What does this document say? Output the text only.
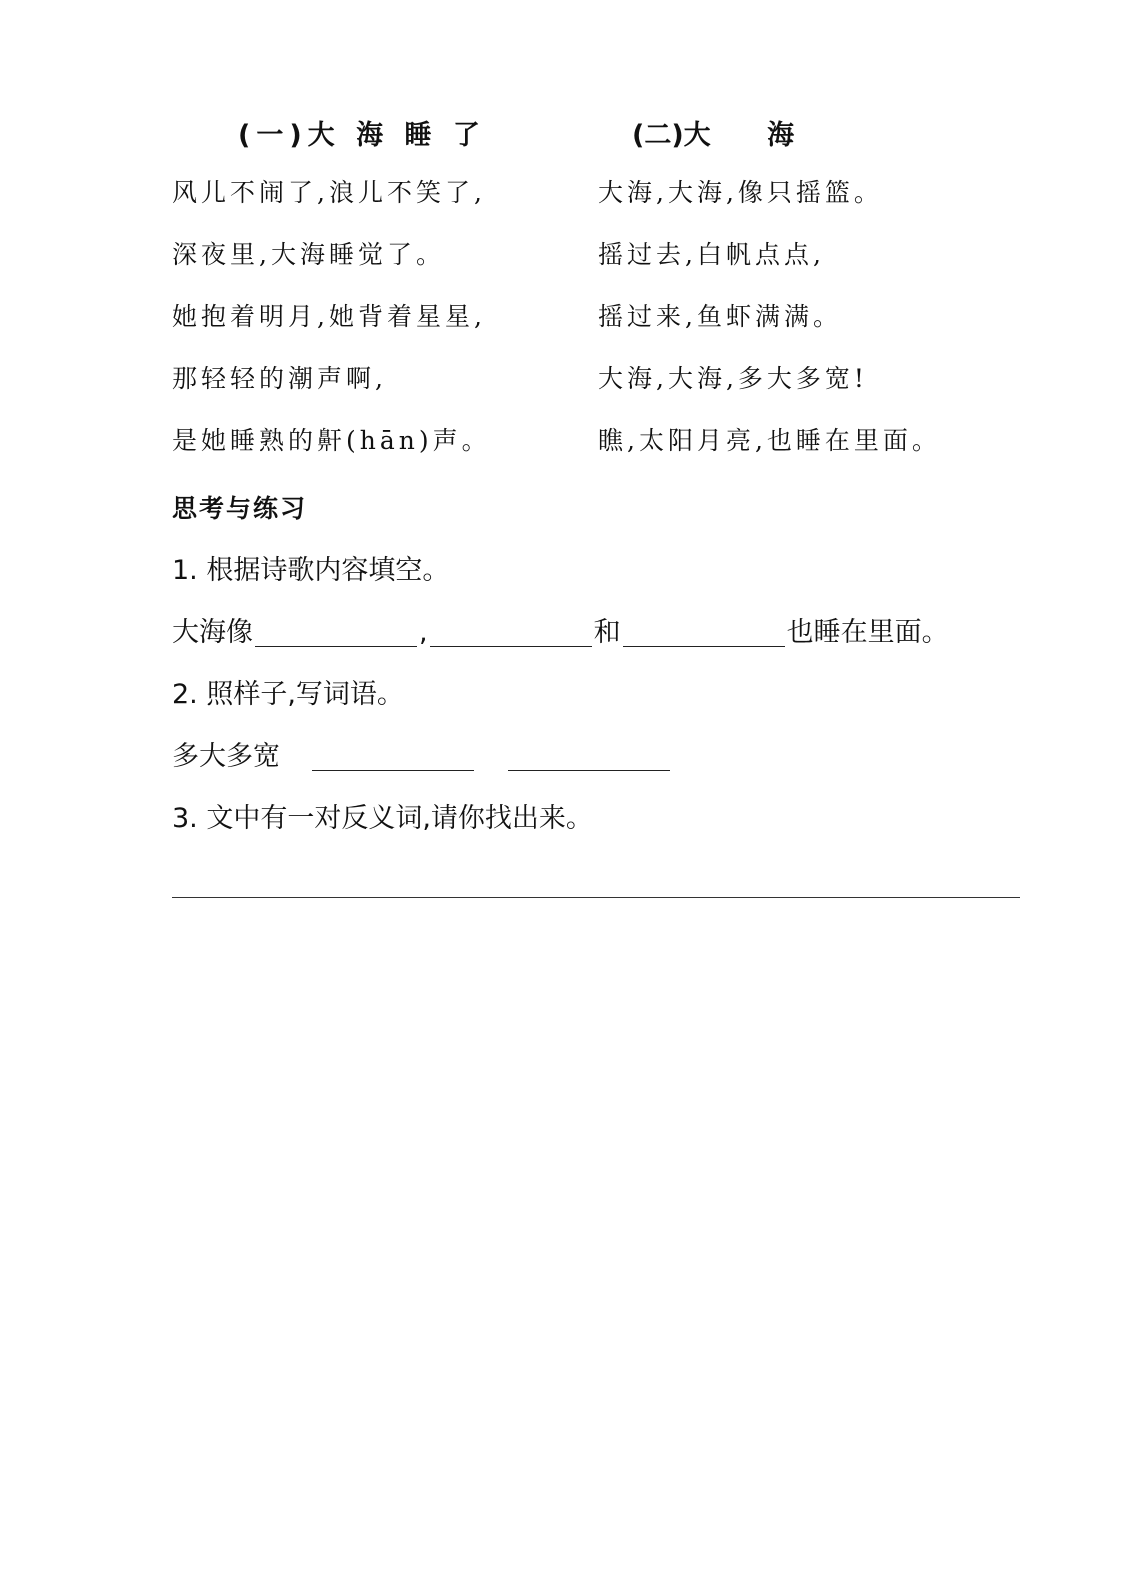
(一)大 海 睡 了
风儿不闹了,浪儿不笑了,
深夜里,大海睡觉了。
她抱着明月,她背着星星,
那轻轻的潮声啊,
是她睡熟的鼾(hān)声。
(二)大      海
大海,大海,像只摇篮。
摇过去,白帆点点,
摇过来,鱼虾满满。
大海,大海,多大多宽!
瞧,太阳月亮,也睡在里面。
思考与练习
1. 根据诗歌内容填空。
大海像	,	和	也睡在里面。
2. 照样子,写词语。
多大多宽
3. 文中有一对反义词,请你找出来。
